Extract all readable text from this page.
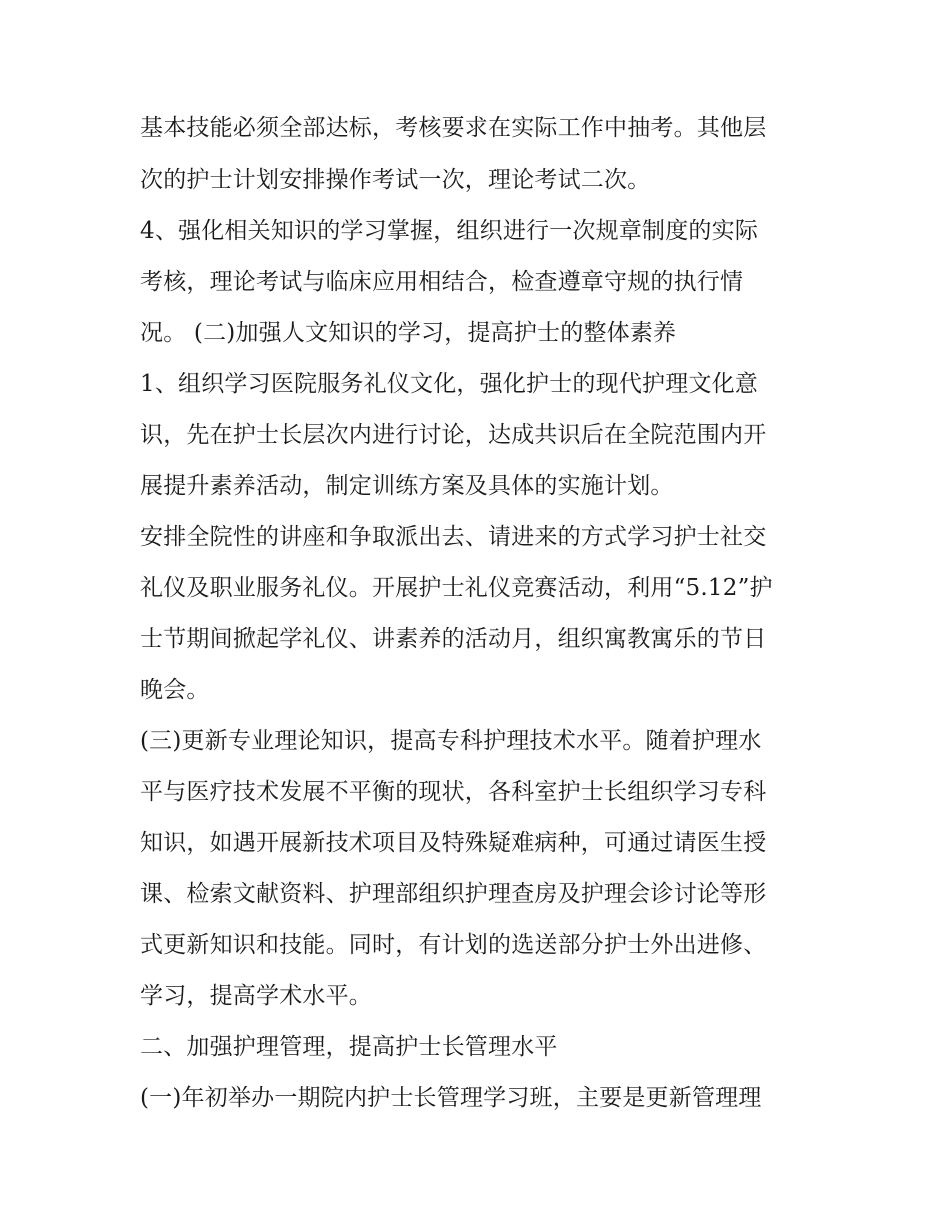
基本技能必须全部达标，考核要求在实际工作中抽考。其他层
次的护士计划安排操作考试一次，理论考试二次。
4、强化相关知识的学习掌握，组织进行一次规章制度的实际
考核，理论考试与临床应用相结合，检查遵章守规的执行情
况。 (二)加强人文知识的学习，提高护士的整体素养
1、组织学习医院服务礼仪文化，强化护士的现代护理文化意
识，先在护士长层次内进行讨论，达成共识后在全院范围内开
展提升素养活动，制定训练方案及具体的实施计划。
安排全院性的讲座和争取派出去、请进来的方式学习护士社交
礼仪及职业服务礼仪。开展护士礼仪竞赛活动，利用“5.12”护
士节期间掀起学礼仪、讲素养的活动月，组织寓教寓乐的节日
晚会。
(三)更新专业理论知识，提高专科护理技术水平。随着护理水
平与医疗技术发展不平衡的现状，各科室护士长组织学习专科
知识，如遇开展新技术项目及特殊疑难病种，可通过请医生授
课、检索文献资料、护理部组织护理查房及护理会诊讨论等形
式更新知识和技能。同时，有计划的选送部分护士外出进修、
学习，提高学术水平。
二、加强护理管理，提高护士长管理水平
(一)年初举办一期院内护士长管理学习班，主要是更新管理理
